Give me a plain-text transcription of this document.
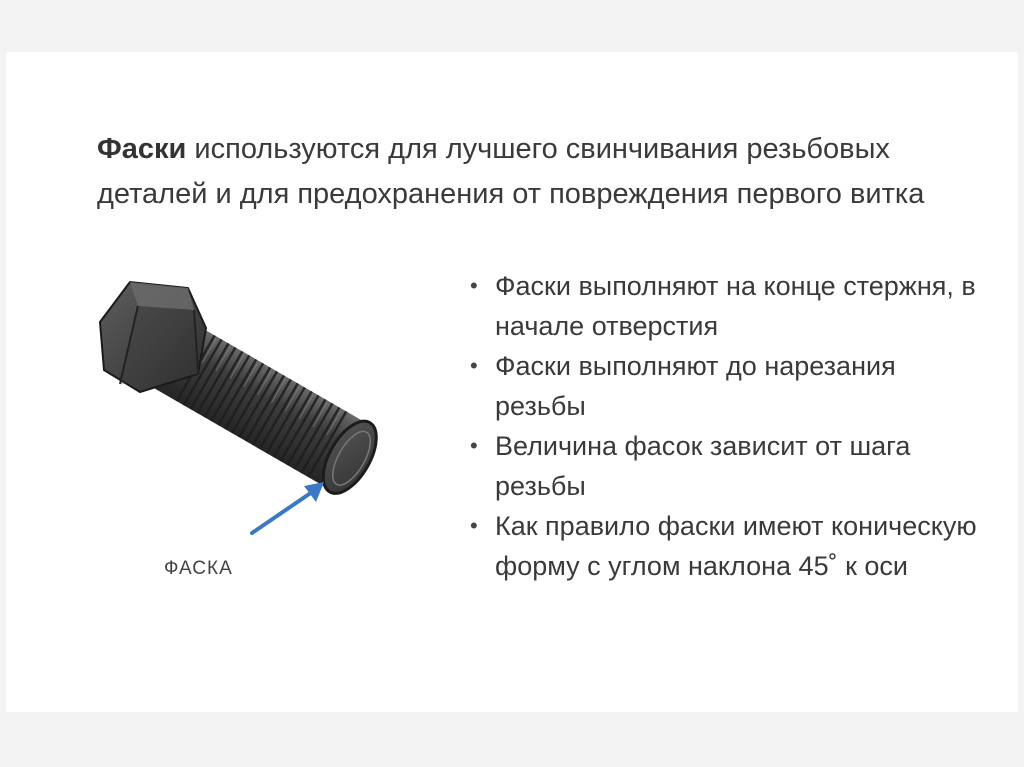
Фаски используются для лучшего свинчивания резьбовых деталей и для предохранения от повреждения первого витка
ФАСКА
• Фаски выполняют на конце стержня, в начале отверстия
• Фаски выполняют до нарезания резьбы
• Величина фасок зависит от шага резьбы
• Как правило фаски имеют коническую форму с углом наклона 45˚ к оси
